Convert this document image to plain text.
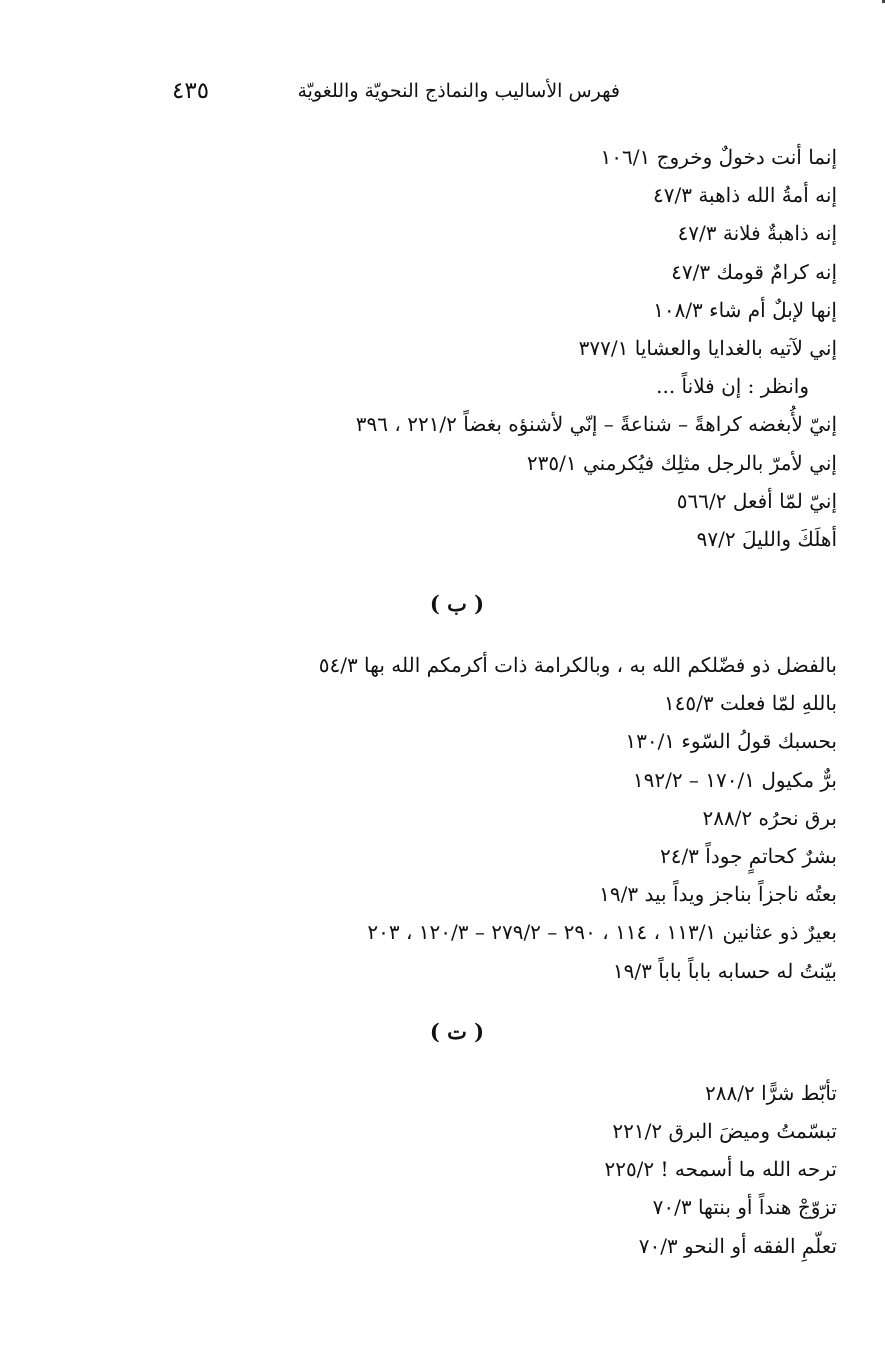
٤٣٥	فهرس الأساليب والنماذج النحويّة واللغويّة
إنما أنت دخولٌ وخروج ١٠٦/١
إنه أمةُ الله ذاهبة ٤٧/٣
إنه ذاهبةٌ فلانة ٤٧/٣
إنه كرامٌ قومك ٤٧/٣
إنها لإبلٌ أم شاء ١٠٨/٣
إني لآتيه بالغدايا والعشايا ٣٧٧/١
وانظر : إن فلاناً ...
إنيّ لأُبغضه كراهةً – شناعةً – إنّي لأشنؤه بغضاً ٢٢١/٢ ، ٣٩٦
إني لأمرّ بالرجل مثلِك فيُكرمني ٢٣٥/١
إنيّ لمّا أفعل ٥٦٦/٢
أهلَكَ والليلَ ٩٧/٢
( ب )
بالفضل ذو فضّلكم الله به ، وبالكرامة ذات أكرمكم الله بها ٥٤/٣
باللهِ لمّا فعلت ١٤٥/٣
بحسبك قولُ السّوء ١٣٠/١
برٌّ مكيول ١٧٠/١ – ١٩٢/٢
برق نحرُه ٢٨٨/٢
بشرٌ كحاتمٍ جوداً ٢٤/٣
بعتُه ناجزاً بناجز ويداً بيد ١٩/٣
بعيرٌ ذو عثانين ١١٣/١ ، ١١٤ ، ٢٩٠ – ٢٧٩/٢ – ١٢٠/٣ ، ٢٠٣
بيّنتُ له حسابه باباً باباً ١٩/٣
( ت )
تأبّط شرًّا ٢٨٨/٢
تبسّمتُ وميضَ البرق ٢٢١/٢
ترحه الله ما أسمحه ! ٢٢٥/٢
تزوّجْ هنداً أو بنتها ٧٠/٣
تعلّمِ الفقه أو النحو ٧٠/٣
